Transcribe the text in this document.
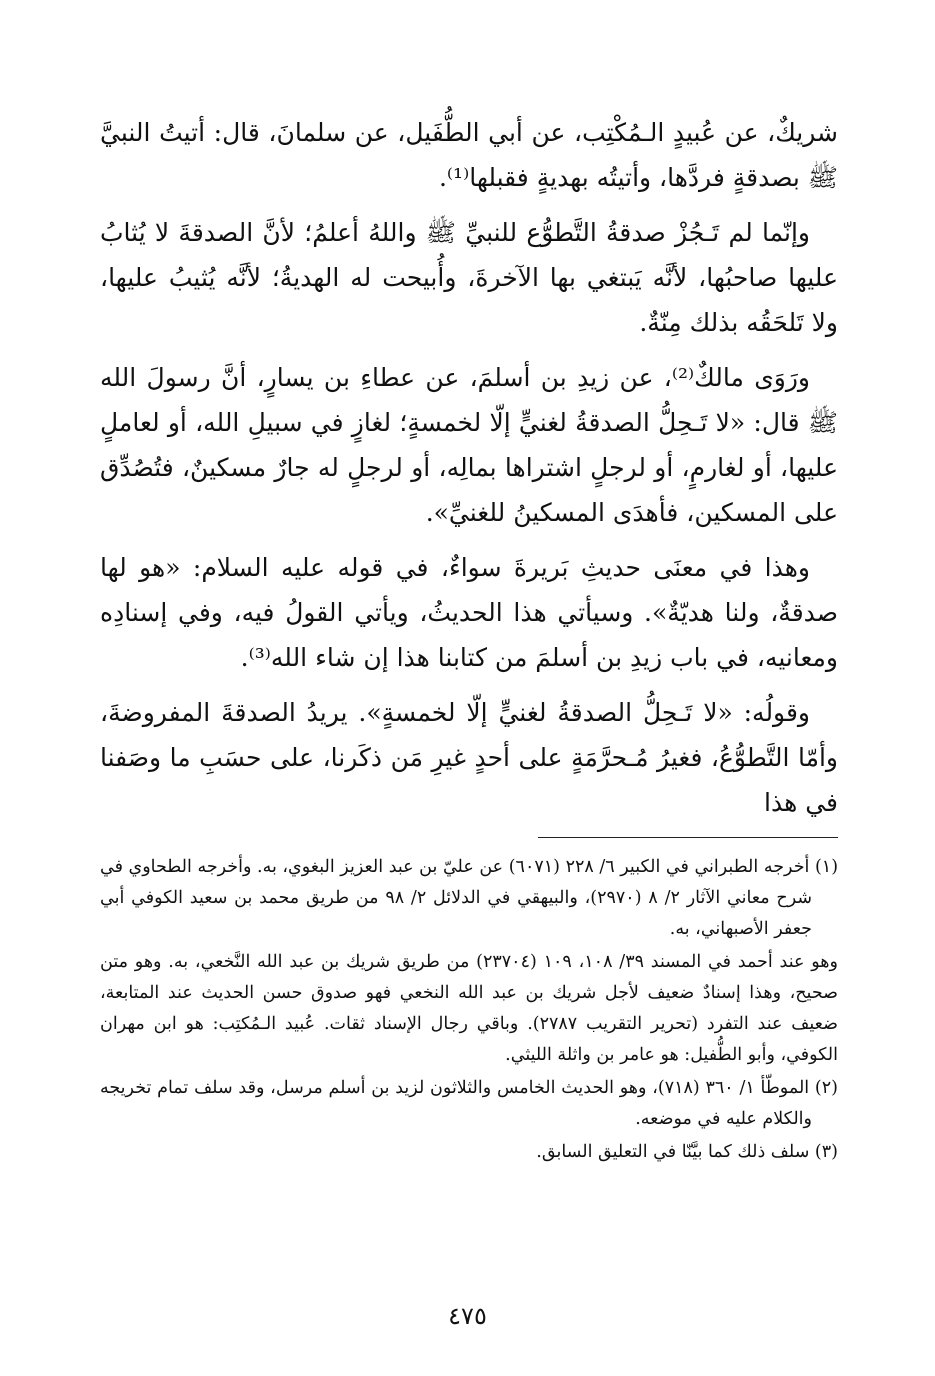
شريكٌ، عن عُبيدٍ الـمُكْتِب، عن أبي الطُّفَيل، عن سلمانَ، قال: أتيتُ النبيَّ ﷺ بصدقةٍ فردَّها، وأتيتُه بهديةٍ فقبلها⁽¹⁾.

وإنّما لم تَـجُزْ صدقةُ التَّطوُّع للنبيِّ ﷺ واللهُ أعلمُ؛ لأنَّ الصدقةَ لا يُثابُ عليها صاحبُها، لأنَّه يَبتغي بها الآخرةَ، وأُبيحت له الهديةُ؛ لأنَّه يُثيبُ عليها، ولا تَلحَقُه بذلك مِنّةٌ.

ورَوَى مالكٌ⁽²⁾، عن زيدِ بن أسلمَ، عن عطاءِ بن يسارٍ، أنَّ رسولَ الله ﷺ قال: «لا تَـحِلُّ الصدقةُ لغنيٍّ إلّا لخمسةٍ؛ لغازٍ في سبيلِ الله، أو لعاملٍ عليها، أو لغارمٍ، أو لرجلٍ اشتراها بمالِه، أو لرجلٍ له جارٌ مسكينٌ، فتُصُدِّق على المسكين، فأهدَى المسكينُ للغنيِّ».

وهذا في معنَى حديثِ بَريرةَ سواءٌ، في قوله عليه السلام: «هو لها صدقةٌ، ولنا هديّةٌ». وسيأتي هذا الحديثُ، ويأتي القولُ فيه، وفي إسنادِه ومعانيه، في باب زيدِ بن أسلمَ من كتابنا هذا إن شاء الله⁽³⁾.

وقولُه: «لا تَـحِلُّ الصدقةُ لغنيٍّ إلّا لخمسةٍ». يريدُ الصدقةَ المفروضةَ، وأمّا التَّطوُّعُ، فغيرُ مُـحرَّمَةٍ على أحدٍ غيرِ مَن ذكَرنا، على حسَبِ ما وصَفنا في هذا

(١) أخرجه الطبراني في الكبير ٦/ ٢٢٨ (٦٠٧١) عن عليّ بن عبد العزيز البغوي، به. وأخرجه الطحاوي في شرح معاني الآثار ٢/ ٨ (٢٩٧٠)، والبيهقي في الدلائل ٢/ ٩٨ من طريق محمد بن سعيد الكوفي أبي جعفر الأصبهاني، به.

وهو عند أحمد في المسند ٣٩/ ١٠٨، ١٠٩ (٢٣٧٠٤) من طريق شريك بن عبد الله النَّخعي، به. وهو متن صحيح، وهذا إسنادٌ ضعيف لأجل شريك بن عبد الله النخعي فهو صدوق حسن الحديث عند المتابعة، ضعيف عند التفرد (تحرير التقريب ٢٧٨٧). وباقي رجال الإسناد ثقات. عُبيد الـمُكتِب: هو ابن مهران الكوفي، وأبو الطُّفيل: هو عامر بن واثلة الليثي.

(٢) الموطّأ ١/ ٣٦٠ (٧١٨)، وهو الحديث الخامس والثلاثون لزيد بن أسلم مرسل، وقد سلف تمام تخريجه والكلام عليه في موضعه.

(٣) سلف ذلك كما بيَّنّا في التعليق السابق.

٤٧٥
